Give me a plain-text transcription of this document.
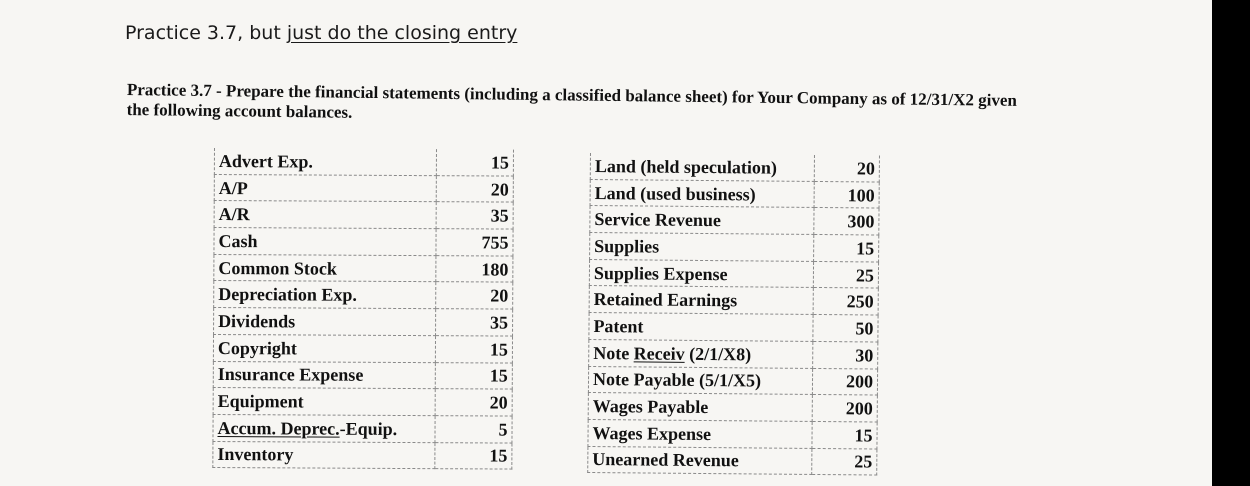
Practice 3.7, but just do the closing entry
Practice 3.7 - Prepare the financial statements (including a classified balance sheet) for Your Company as of 12/31/X2 given the following account balances.
Advert Exp.	15
A/P	20
A/R	35
Cash	755
Common Stock	180
Depreciation Exp.	20
Dividends	35
Copyright	15
Insurance Expense	15
Equipment	20
Accum. Deprec.-Equip.	5
Inventory	15
Land (held speculation)	20
Land (used business)	100
Service Revenue	300
Supplies	15
Supplies Expense	25
Retained Earnings	250
Patent	50
Note Receiv (2/1/X8)	30
Note Payable (5/1/X5)	200
Wages Payable	200
Wages Expense	15
Unearned Revenue	25
